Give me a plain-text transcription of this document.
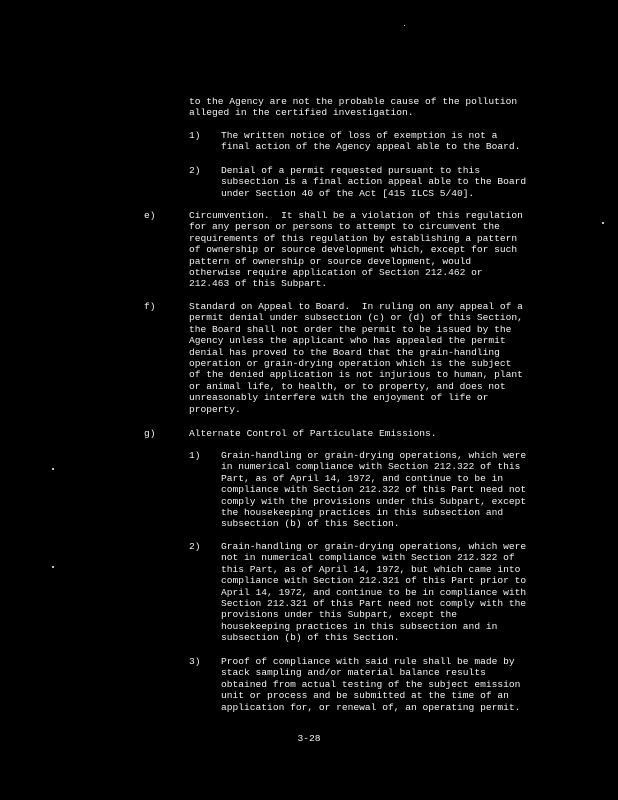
to the Agency are not the probable cause of the pollution
alleged in the certified investigation.
1) The written notice of loss of exemption is not a
final action of the Agency appeal able to the Board.
2) Denial of a permit requested pursuant to this
subsection is a final action appeal able to the Board
under Section 40 of the Act [415 ILCS 5/40].
e)	Circumvention.  It shall be a violation of this regulation
for any person or persons to attempt to circumvent the
requirements of this regulation by establishing a pattern
of ownership or source development which, except for such
pattern of ownership or source development, would
otherwise require application of Section 212.462 or
212.463 of this Subpart.
f)	Standard on Appeal to Board.  In ruling on any appeal of a
permit denial under subsection (c) or (d) of this Section,
the Board shall not order the permit to be issued by the
Agency unless the applicant who has appealed the permit
denial has proved to the Board that the grain-handling
operation or grain-drying operation which is the subject
of the denied application is not injurious to human, plant
or animal life, to health, or to property, and does not
unreasonably interfere with the enjoyment of life or
property.
g)	Alternate Control of Particulate Emissions.
1) Grain-handling or grain-drying operations, which were
in numerical compliance with Section 212.322 of this
Part, as of April 14, 1972, and continue to be in
compliance with Section 212.322 of this Part need not
comply with the provisions under this Subpart, except
the housekeeping practices in this subsection and
subsection (b) of this Section.
2) Grain-handling or grain-drying operations, which were
not in numerical compliance with Section 212.322 of
this Part, as of April 14, 1972, but which came into
compliance with Section 212.321 of this Part prior to
April 14, 1972, and continue to be in compliance with
Section 212.321 of this Part need not comply with the
provisions under this Subpart, except the
housekeeping practices in this subsection and in
subsection (b) of this Section.
3) Proof of compliance with said rule shall be made by
stack sampling and/or material balance results
obtained from actual testing of the subject emission
unit or process and be submitted at the time of an
application for, or renewal of, an operating permit.
3-28
